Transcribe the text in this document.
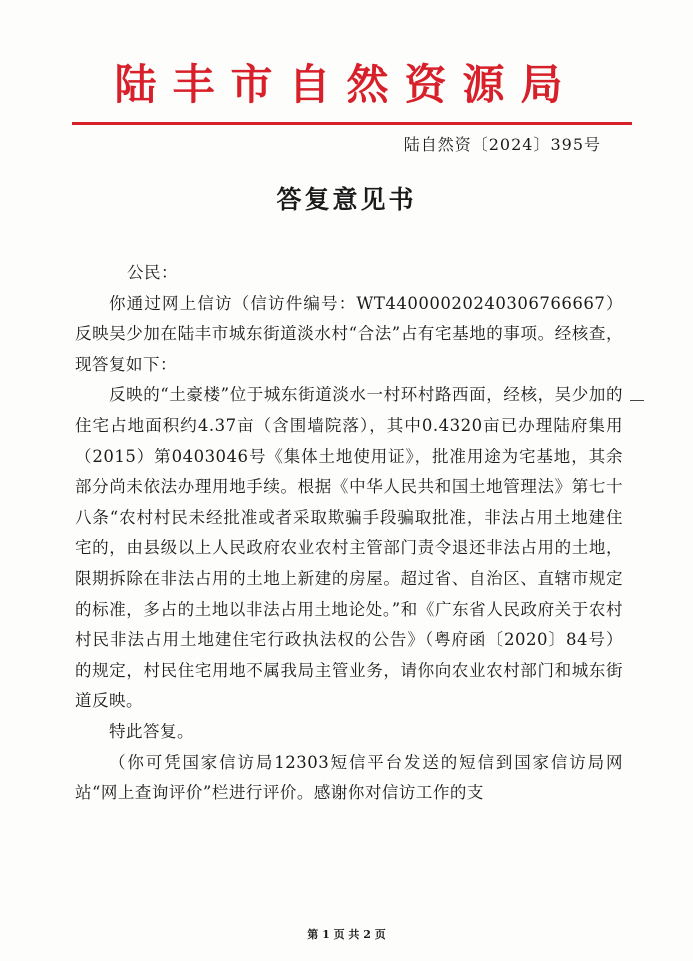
陆丰市自然资源局
陆自然资〔2024〕395号
答复意见书

公民：

你通过网上信访（信访件编号：WT44000020240306766667）反映吴少加在陆丰市城东街道淡水村“合法”占有宅基地的事项。经核查，现答复如下：

反映的“土豪楼”位于城东街道淡水一村环村路西面，经核，吴少加的住宅占地面积约4.37亩（含围墙院落），其中0.4320亩已办理陆府集用（2015）第0403046号《集体土地使用证》，批准用途为宅基地，其余部分尚未依法办理用地手续。根据《中华人民共和国土地管理法》第七十八条“农村村民未经批准或者采取欺骗手段骗取批准，非法占用土地建住宅的，由县级以上人民政府农业农村主管部门责令退还非法占用的土地，限期拆除在非法占用的土地上新建的房屋。超过省、自治区、直辖市规定的标准，多占的土地以非法占用土地论处。”和《广东省人民政府关于农村村民非法占用土地建住宅行政执法权的公告》（粤府函〔2020〕84号）的规定，村民住宅用地不属我局主管业务，请你向农业农村部门和城东街道反映。

特此答复。

（你可凭国家信访局12303短信平台发送的短信到国家信访局网站“网上查询评价”栏进行评价。感谢你对信访工作的支

第 1 页 共 2 页
